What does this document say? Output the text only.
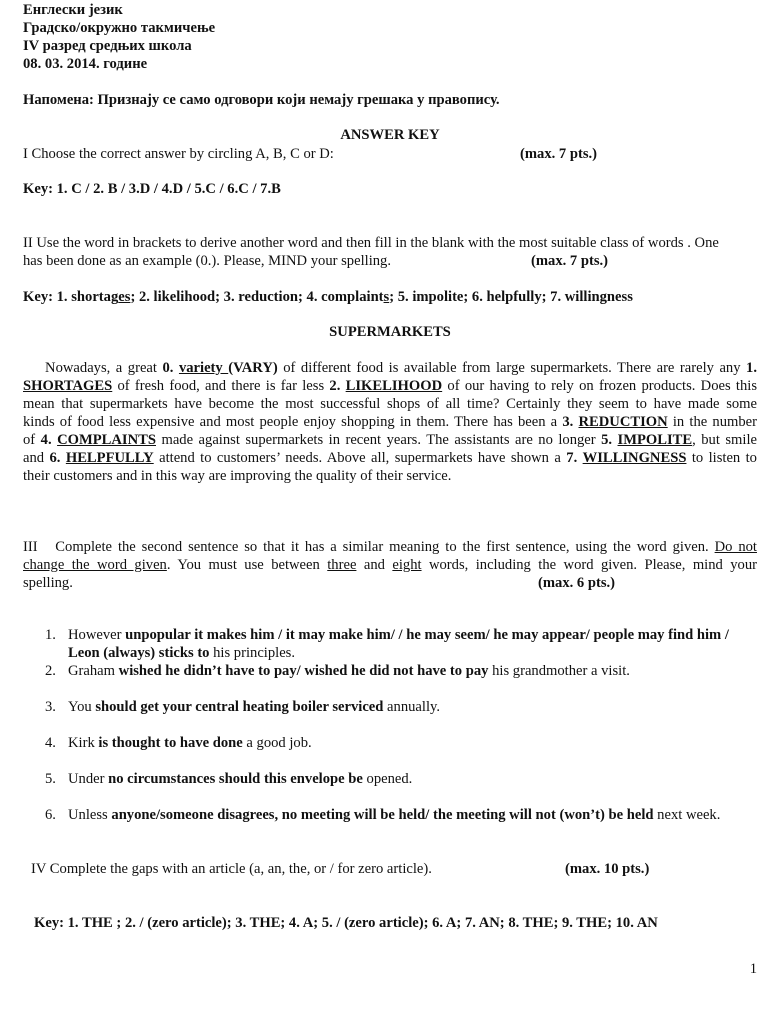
Енглески језик
Градско/окружно такмичење
IV разред средњих школа
08. 03. 2014. године
Напомена: Признају се само одговори који немају грешака у правопису.
ANSWER KEY
I Choose the correct answer by circling A, B, C or D:	(max. 7 pts.)
Key: 1. C / 2. B / 3.D / 4.D / 5.C / 6.C / 7.B
II Use the word in brackets to derive another word and then fill in the blank with the most suitable class of words . One
has been done as an example (0.). Please, MIND your spelling.	(max. 7 pts.)
Key: 1. shortages; 2. likelihood; 3. reduction; 4. complaints; 5. impolite; 6. helpfully; 7. willingness
SUPERMARKETS
Nowadays, a great 0. variety (VARY) of different food is available from large supermarkets. There are rarely any 1.
SHORTAGES of fresh food, and there is far less 2. LIKELIHOOD of our having to rely on frozen products. Does this
mean that supermarkets have become the most successful shops of all time? Certainly they seem to have made some
kinds of food less expensive and most people enjoy shopping in them. There has been a 3. REDUCTION in the number
of 4. COMPLAINTS made against supermarkets in recent years. The assistants are no longer 5. IMPOLITE, but smile
and 6. HELPFULLY attend to customers’ needs. Above all, supermarkets have shown a 7. WILLINGNESS to listen to
their customers and in this way are improving the quality of their service.
III   Complete the second sentence so that it has a similar meaning to the first sentence, using the word given. Do not
change the word given. You must use between three and eight words, including the word given. Please, mind your
spelling.	(max. 6 pts.)
1. However unpopular it makes him / it may make him/ / he may seem/ he may appear/ people may find him / Leon (always) sticks to his principles.
2. Graham wished he didn’t have to pay/ wished he did not have to pay his grandmother a visit.
3. You should get your central heating boiler serviced annually.
4. Kirk is thought to have done a good job.
5. Under no circumstances should this envelope be opened.
6. Unless anyone/someone disagrees, no meeting will be held/ the meeting will not (won’t) be held next week.
IV Complete the gaps with an article (a, an, the, or / for zero article).	(max. 10 pts.)
Key: 1. THE ; 2. / (zero article); 3. THE; 4. A; 5. / (zero article); 6. A; 7. AN; 8. THE; 9. THE; 10. AN
1
